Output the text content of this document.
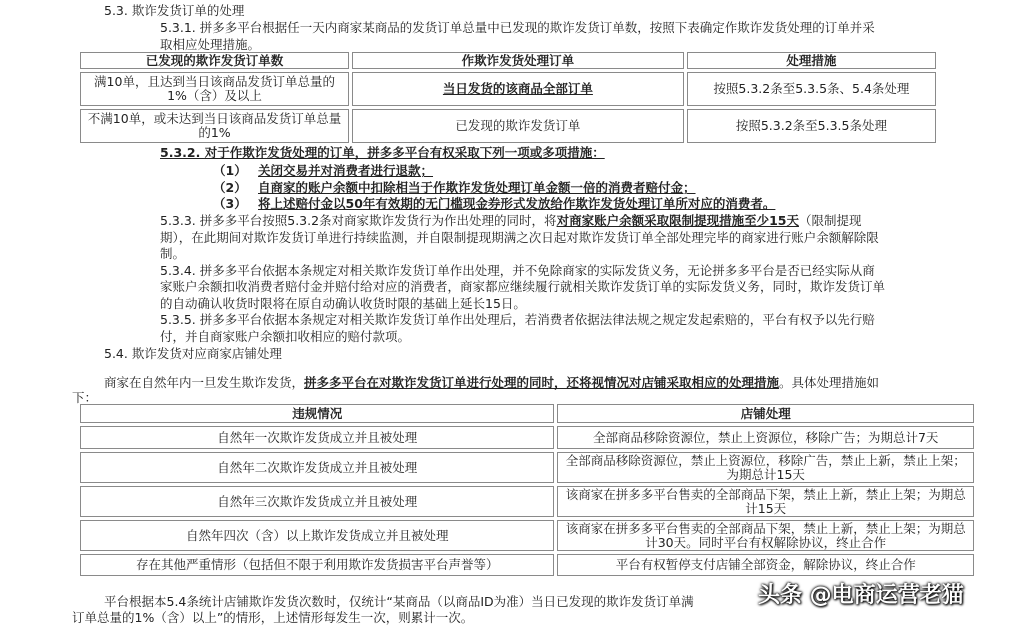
5.3. 欺诈发货订单的处理
5.3.1. 拼多多平台根据任一天内商家某商品的发货订单总量中已发现的欺诈发货订单数，按照下表确定作欺诈发货处理的订单并采
取相应处理措施。
已发现的欺诈发货订单数	作欺诈发货处理订单	处理措施
满10单，且达到当日该商品发货订单总量的1%（含）及以上	当日发货的该商品全部订单	按照5.3.2条至5.3.5条、5.4条处理
不满10单，或未达到当日该商品发货订单总量的1%	已发现的欺诈发货订单	按照5.3.2条至5.3.5条处理
5.3.2. 对于作欺诈发货处理的订单，拼多多平台有权采取下列一项或多项措施：
（1） 关闭交易并对消费者进行退款；
（2） 自商家的账户余额中扣除相当于作欺诈发货处理订单金额一倍的消费者赔付金；
（3） 将上述赔付金以50年有效期的无门槛现金券形式发放给作欺诈发货处理订单所对应的消费者。
5.3.3. 拼多多平台按照5.3.2条对商家欺诈发货行为作出处理的同时，将对商家账户余额采取限制提现措施至少15天（限制提现
期），在此期间对欺诈发货订单进行持续监测，并自限制提现期满之次日起对欺诈发货订单全部处理完毕的商家进行账户余额解除限
制。
5.3.4. 拼多多平台依据本条规定对相关欺诈发货订单作出处理，并不免除商家的实际发货义务，无论拼多多平台是否已经实际从商
家账户余额扣收消费者赔付金并赔付给对应的消费者，商家都应继续履行就相关欺诈发货订单的实际发货义务，同时，欺诈发货订单
的自动确认收货时限将在原自动确认收货时限的基础上延长15日。
5.3.5. 拼多多平台依据本条规定对相关欺诈发货订单作出处理后，若消费者依据法律法规之规定发起索赔的，平台有权予以先行赔
付，并自商家账户余额扣收相应的赔付款项。
5.4. 欺诈发货对应商家店铺处理
商家在自然年内一旦发生欺诈发货，拼多多平台在对欺诈发货订单进行处理的同时，还将视情况对店铺采取相应的处理措施。具体处理措施如
下：
违规情况	店铺处理
自然年一次欺诈发货成立并且被处理	全部商品移除资源位，禁止上资源位，移除广告；为期总计7天
自然年二次欺诈发货成立并且被处理	全部商品移除资源位，禁止上资源位，移除广告，禁止上新，禁止上架；为期总计15天
自然年三次欺诈发货成立并且被处理	该商家在拼多多平台售卖的全部商品下架，禁止上新，禁止上架；为期总计15天
自然年四次（含）以上欺诈发货成立并且被处理	该商家在拼多多平台售卖的全部商品下架，禁止上新，禁止上架；为期总计30天。同时平台有权解除协议，终止合作
存在其他严重情形（包括但不限于利用欺诈发货损害平台声誉等）	平台有权暂停支付店铺全部资金，解除协议，终止合作
平台根据本5.4条统计店铺欺诈发货次数时，仅统计“某商品（以商品ID为准）当日已发现的欺诈发货订单满
订单总量的1%（含）以上”的情形，上述情形每发生一次，则累计一次。
头条 @电商运营老猫
